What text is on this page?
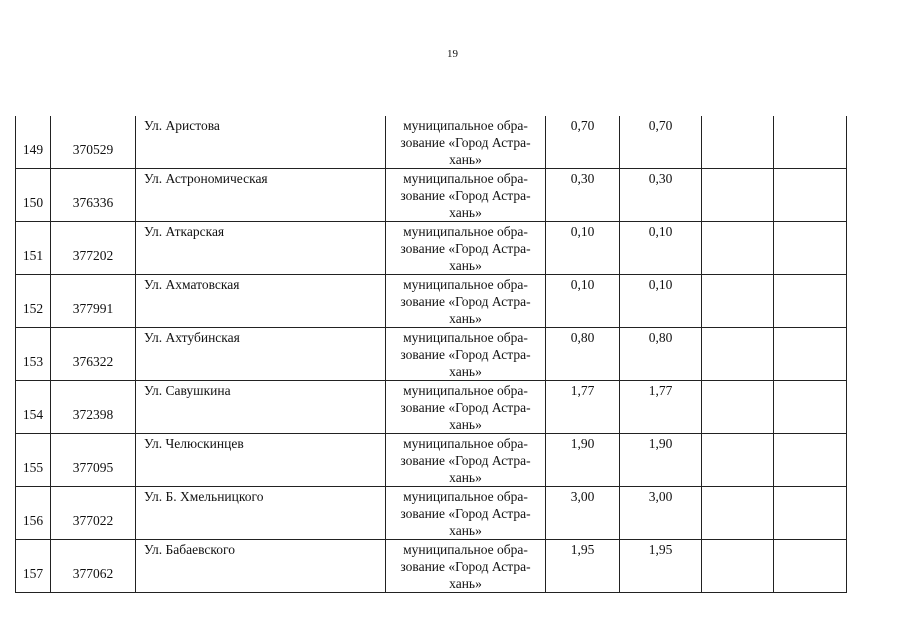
19
149	370529	Ул. Аристова	муниципальное обра-
зование «Город Астра-
хань»	0,70	0,70		
150	376336	Ул. Астрономическая	муниципальное обра-
зование «Город Астра-
хань»	0,30	0,30		
151	377202	Ул. Аткарская	муниципальное обра-
зование «Город Астра-
хань»	0,10	0,10		
152	377991	Ул. Ахматовская	муниципальное обра-
зование «Город Астра-
хань»	0,10	0,10		
153	376322	Ул. Ахтубинская	муниципальное обра-
зование «Город Астра-
хань»	0,80	0,80		
154	372398	Ул. Савушкина	муниципальное обра-
зование «Город Астра-
хань»	1,77	1,77		
155	377095	Ул. Челюскинцев	муниципальное обра-
зование «Город Астра-
хань»	1,90	1,90		
156	377022	Ул. Б. Хмельницкого	муниципальное обра-
зование «Город Астра-
хань»	3,00	3,00		
157	377062	Ул. Бабаевского	муниципальное обра-
зование «Город Астра-
хань»	1,95	1,95		
